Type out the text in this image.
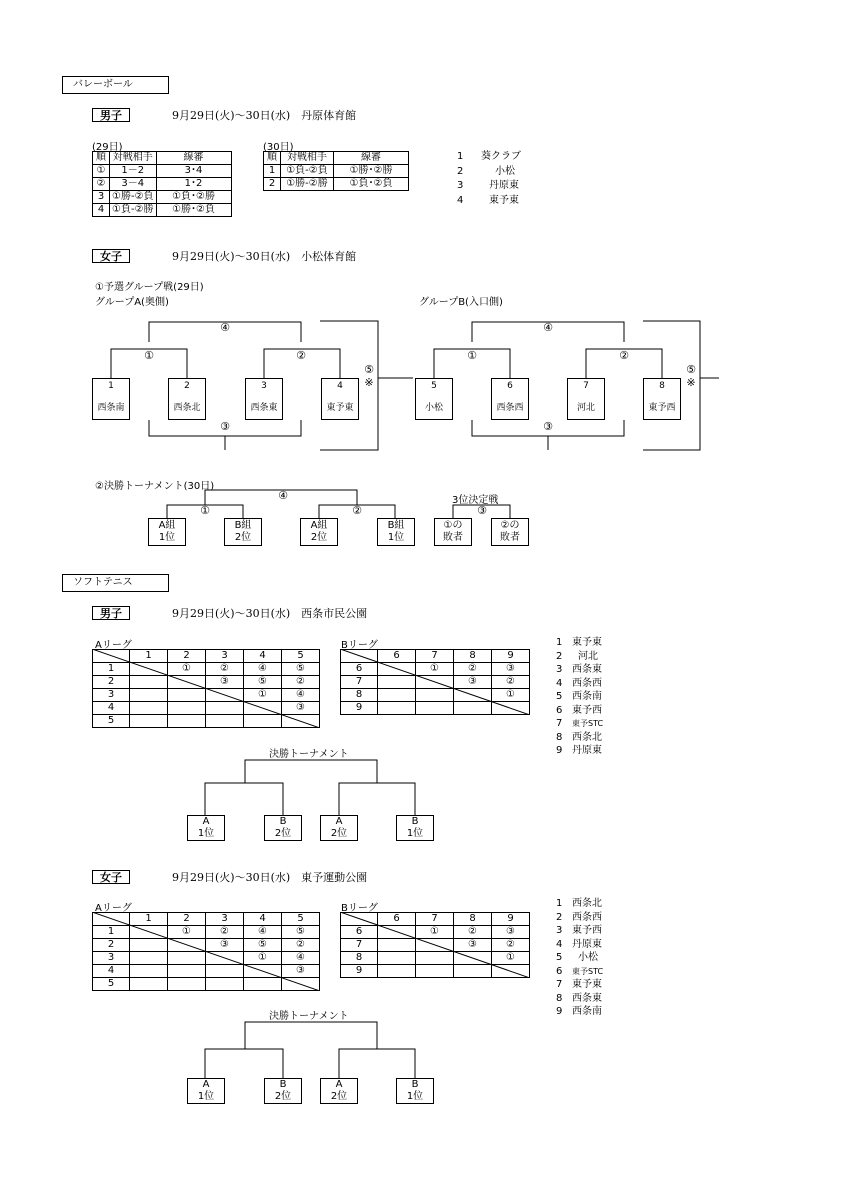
バレーボール
男子	9月29日(火)～30日(水)　丹原体育館
(29日)
順	対戦相手	線審
①	1－2	3･4
②	3－4	1･2
3	①勝-②負	①負･②勝
4	①負-②勝	①勝･②負
(30日)
順	対戦相手	線審
1	①負-②負	①勝･②勝
2	①勝-②勝	①負･②負
1 葵クラブ
2	小松
3	丹原東
4	東予東
女子	9月29日(火)～30日(水)　小松体育館
①予選グループ戦(29日)
グループA(奥側)	グループB(入口側)
1
西条南
2
西条北
3
西条東
4
東予東
①	②
③
④
⑤
※	5
小松
6
西条西
7
河北
8
東予西
①	②
③
④
⑤
※
②決勝トーナメント(30日)
④
①	②
A組
1位
B組
2位
A組
2位
B組
1位
3位決定戦
③
①の
敗者
②の
敗者
ソフトテニス
男子	9月29日(火)～30日(水)　西条市民公園
Aリーグ
	1	2	3	4	5
1		①	②	④	⑤
2			③	⑤	②
3				①	④
4					③
5					
Bリーグ
	6	7	8	9
6		①	②	③
7			③	②
8				①
9				
1 東予東
2 河北
3 西条東
4 西条西
5 西条南
6 東予西
7 東予STC
8 西条北
9 丹原東
決勝トーナメント
A
1位
B
2位
A
2位
B
1位
女子	9月29日(火)～30日(水)　東予運動公園
Aリーグ
	1	2	3	4	5
1		①	②	④	⑤
2			③	⑤	②
3				①	④
4					③
5					
Bリーグ
	6	7	8	9
6		①	②	③
7			③	②
8				①
9				
1 西条北
2 西条西
3 東予西
4 丹原東
5 小松
6 東予STC
7 東予東
8 西条東
9 西条南
決勝トーナメント
A
1位
B
2位
A
2位
B
1位
